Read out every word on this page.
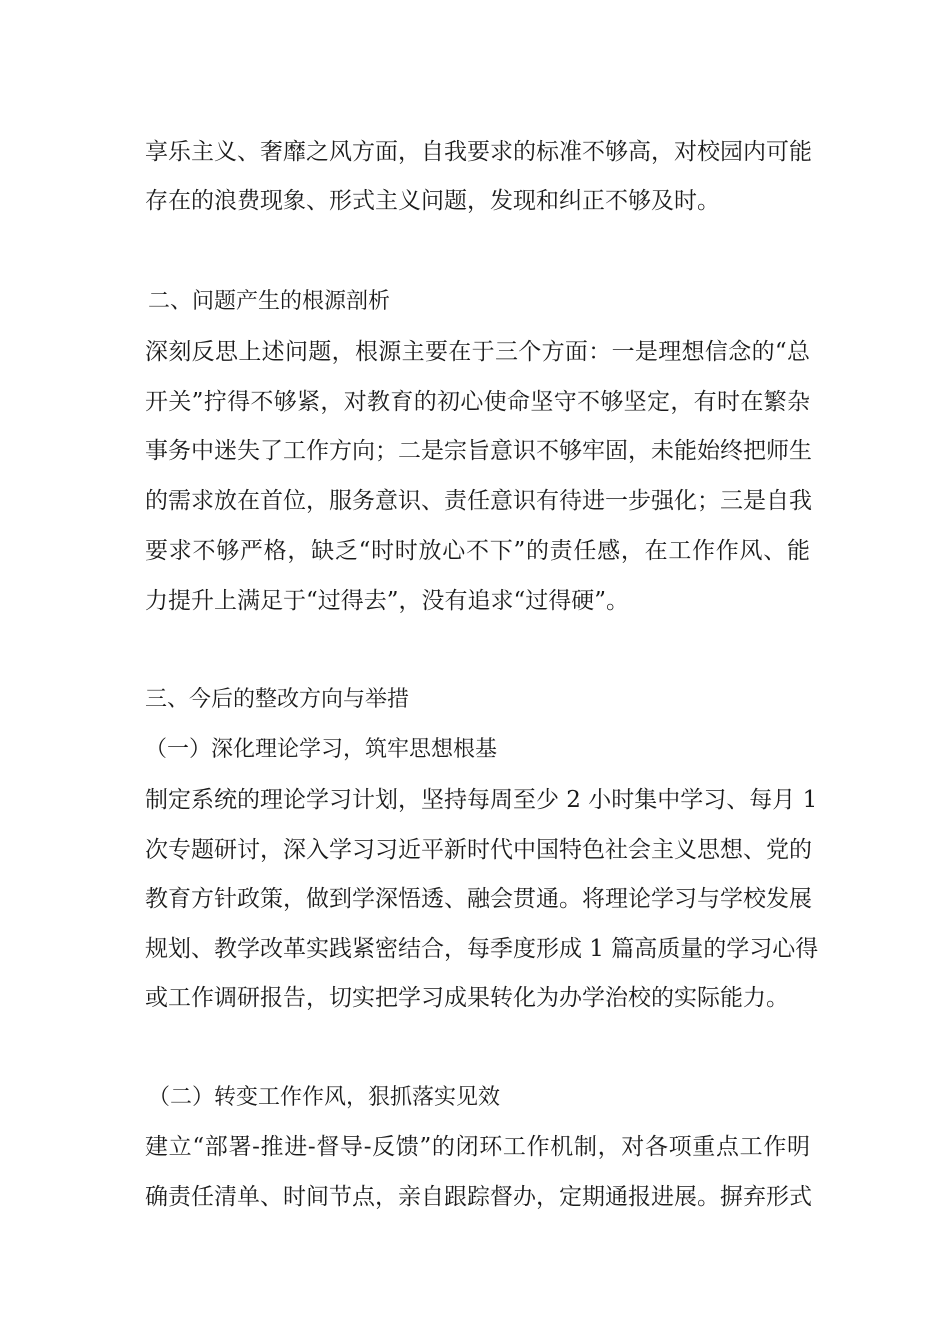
享乐主义、奢靡之风方面，自我要求的标准不够高，对校园内可能
存在的浪费现象、形式主义问题，发现和纠正不够及时。
二、问题产生的根源剖析
深刻反思上述问题，根源主要在于三个方面：一是理想信念的“总
开关”拧得不够紧，对教育的初心使命坚守不够坚定，有时在繁杂
事务中迷失了工作方向；二是宗旨意识不够牢固，未能始终把师生
的需求放在首位，服务意识、责任意识有待进一步强化；三是自我
要求不够严格，缺乏“时时放心不下”的责任感，在工作作风、能
力提升上满足于“过得去”，没有追求“过得硬”。
三、今后的整改方向与举措
（一）深化理论学习，筑牢思想根基
制定系统的理论学习计划，坚持每周至少 2 小时集中学习、每月 1
次专题研讨，深入学习习近平新时代中国特色社会主义思想、党的
教育方针政策，做到学深悟透、融会贯通。将理论学习与学校发展
规划、教学改革实践紧密结合，每季度形成 1 篇高质量的学习心得
或工作调研报告，切实把学习成果转化为办学治校的实际能力。
（二）转变工作作风，狠抓落实见效
建立“部署-推进-督导-反馈”的闭环工作机制，对各项重点工作明
确责任清单、时间节点，亲自跟踪督办，定期通报进展。摒弃形式
